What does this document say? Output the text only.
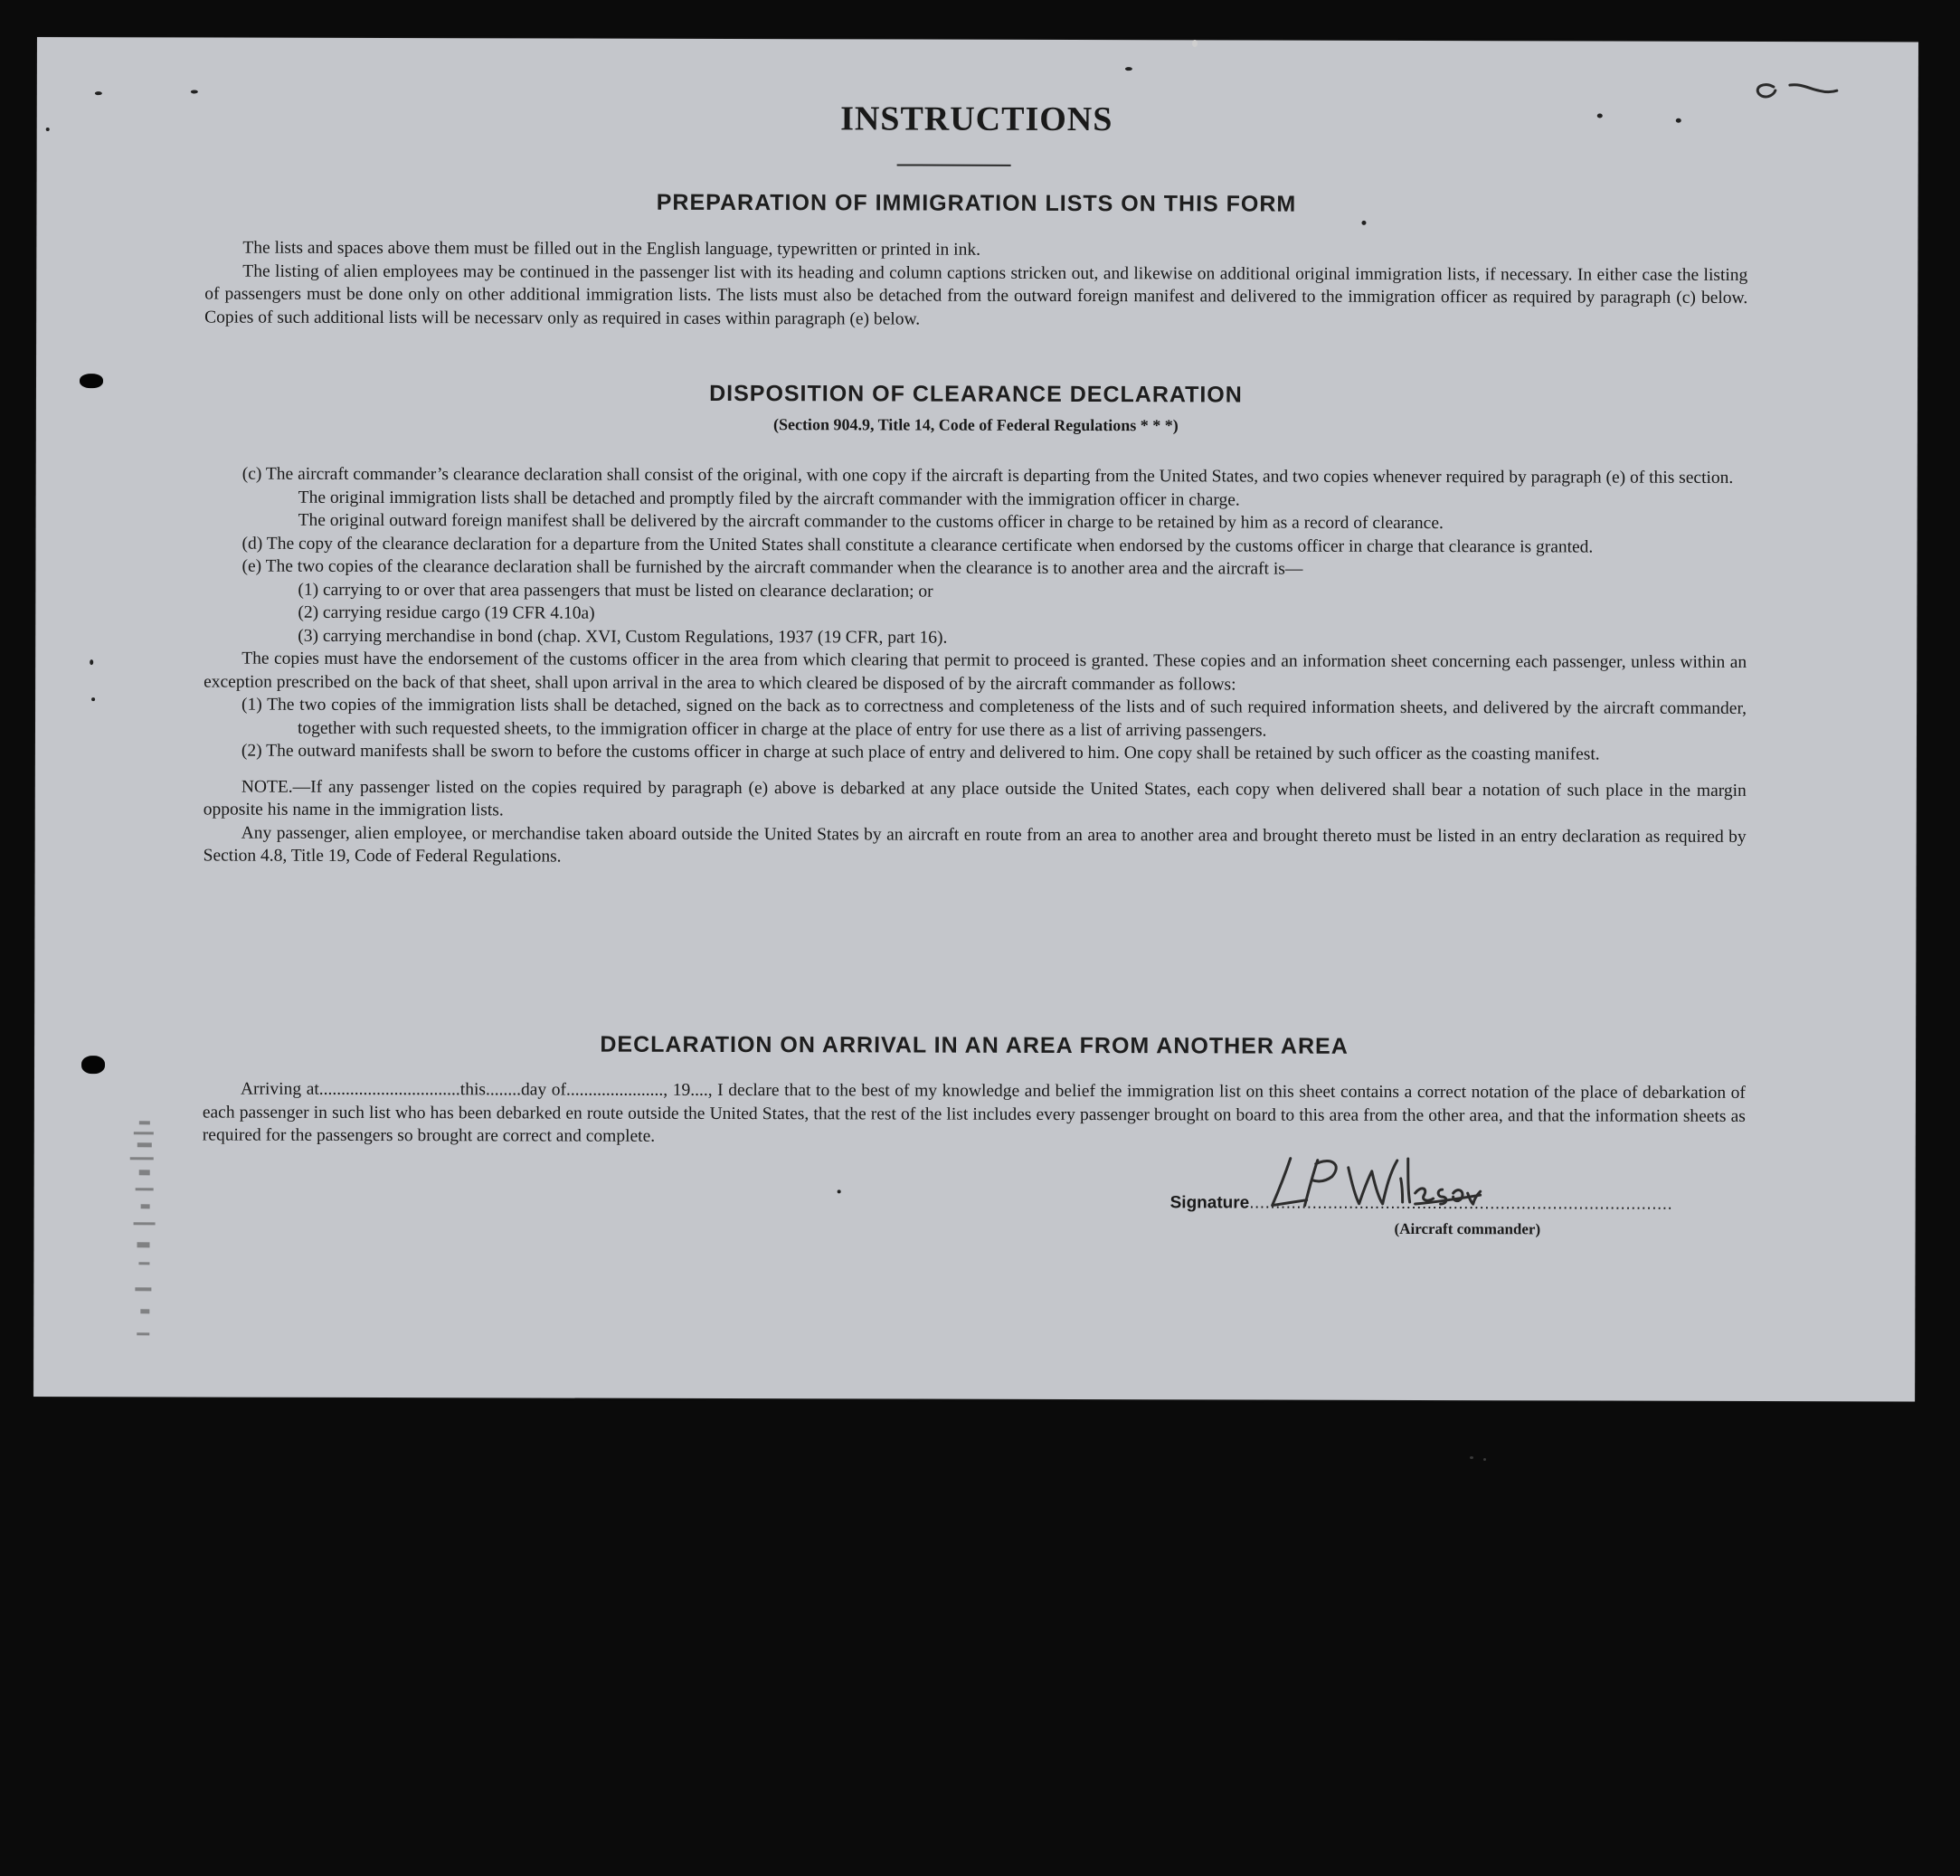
INSTRUCTIONS
PREPARATION OF IMMIGRATION LISTS ON THIS FORM

The lists and spaces above them must be filled out in the English language, typewritten or printed in ink.

The listing of alien employees may be continued in the passenger list with its heading and column captions stricken out, and likewise on additional original immigration lists, if necessary. In either case the listing of passengers must be done only on other additional immigration lists. The lists must also be detached from the outward foreign manifest and delivered to the immigration officer as required by paragraph (c) below. Copies of such additional lists will be necessarv only as required in cases within paragraph (e) below.

DISPOSITION OF CLEARANCE DECLARATION
(Section 904.9, Title 14, Code of Federal Regulations * * *)

(c) The aircraft commander’s clearance declaration shall consist of the original, with one copy if the aircraft is departing from the United States, and two copies whenever required by paragraph (e) of this section.

The original immigration lists shall be detached and promptly filed by the aircraft commander with the immigration officer in charge.

The original outward foreign manifest shall be delivered by the aircraft commander to the customs officer in charge to be retained by him as a record of clearance.

(d) The copy of the clearance declaration for a departure from the United States shall constitute a clearance certificate when endorsed by the customs officer in charge that clearance is granted.

(e) The two copies of the clearance declaration shall be furnished by the aircraft commander when the clearance is to another area and the aircraft is—

(1) carrying to or over that area passengers that must be listed on clearance declaration; or

(2) carrying residue cargo (19 CFR 4.10a)

(3) carrying merchandise in bond (chap. XVI, Custom Regulations, 1937 (19 CFR, part 16).

The copies must have the endorsement of the customs officer in the area from which clearing that permit to proceed is granted. These copies and an information sheet concerning each passenger, unless within an exception prescribed on the back of that sheet, shall upon arrival in the area to which cleared be disposed of by the aircraft commander as follows:

(1) The two copies of the immigration lists shall be detached, signed on the back as to correctness and completeness of the lists and of such required information sheets, and delivered by the aircraft commander, together with such requested sheets, to the immigration officer in charge at the place of entry for use there as a list of arriving passengers.

(2) The outward manifests shall be sworn to before the customs officer in charge at such place of entry and delivered to him. One copy shall be retained by such officer as the coasting manifest.

NOTE.—If any passenger listed on the copies required by paragraph (e) above is debarked at any place outside the United States, each copy when delivered shall bear a notation of such place in the margin opposite his name in the immigration lists.

Any passenger, alien employee, or merchandise taken aboard outside the United States by an aircraft en route from an area to another area and brought thereto must be listed in an entry declaration as required by Section 4.8, Title 19, Code of Federal Regulations.

DECLARATION ON ARRIVAL IN AN AREA FROM ANOTHER AREA

Arriving at................................this........day of......................, 19...., I declare that to the best of my knowledge and belief the immigration list on this sheet contains a correct notation of the place of debarkation of each passenger in such list who has been debarked en route outside the United States, that the rest of the list includes every passenger brought on board to this area from the other area, and that the information sheets as required for the passengers so brought are correct and complete.

Signature.................................................................................
(Aircraft commander)
